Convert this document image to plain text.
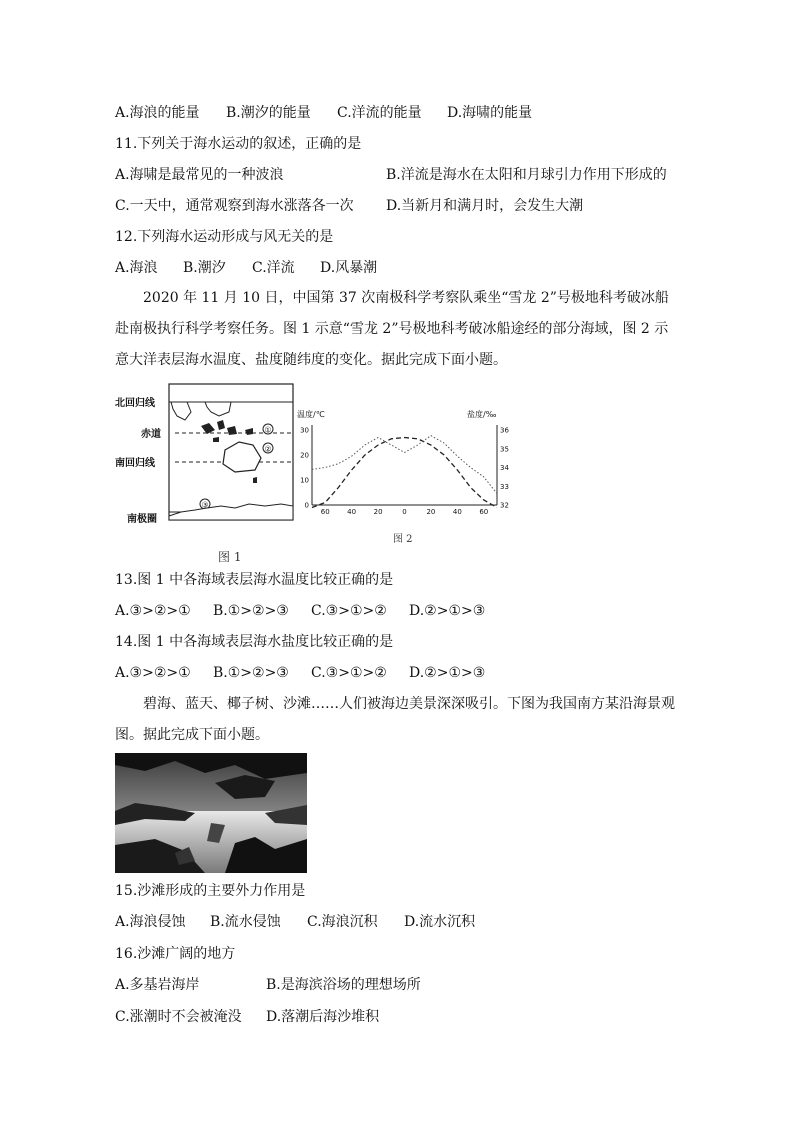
A.海浪的能量 B.潮汐的能量 C.洋流的能量 D.海啸的能量
11.下列关于海水运动的叙述，正确的是
A.海啸是最常见的一种波浪	B.洋流是海水在太阳和月球引力作用下形成的
C.一天中，通常观察到海水涨落各一次 D.当新月和满月时，会发生大潮
12.下列海水运动形成与风无关的是
A.海浪 B.潮汐 C.洋流 D.风暴潮
2020 年 11 月 10 日，中国第 37 次南极科学考察队乘坐“雪龙 2”号极地科考破冰船赴南极执行科学考察任务。图 1 示意“雪龙 2”号极地科考破冰船途经的部分海域，图 2 示意大洋表层海水温度、盐度随纬度的变化。据此完成下面小题。
①
②
③
北回归线
赤道
南回归线
南极圈
图 1
温度/℃	盐度/‰
30
20
10
0
36
35
34
33
32
60	40	20	0	20	40	60
图 2
13.图 1 中各海域表层海水温度比较正确的是
A.③>②>① B.①>②>③ C.③>①>② D.②>①>③
14.图 1 中各海域表层海水盐度比较正确的是
A.③>②>① B.①>②>③ C.③>①>② D.②>①>③
碧海、蓝天、椰子树、沙滩……人们被海边美景深深吸引。下图为我国南方某沿海景观图。据此完成下面小题。
15.沙滩形成的主要外力作用是
A.海浪侵蚀 B.流水侵蚀 C.海浪沉积 D.流水沉积
16.沙滩广阔的地方
A.多基岩海岸	B.是海滨浴场的理想场所
C.涨潮时不会被淹没 D.落潮后海沙堆积
